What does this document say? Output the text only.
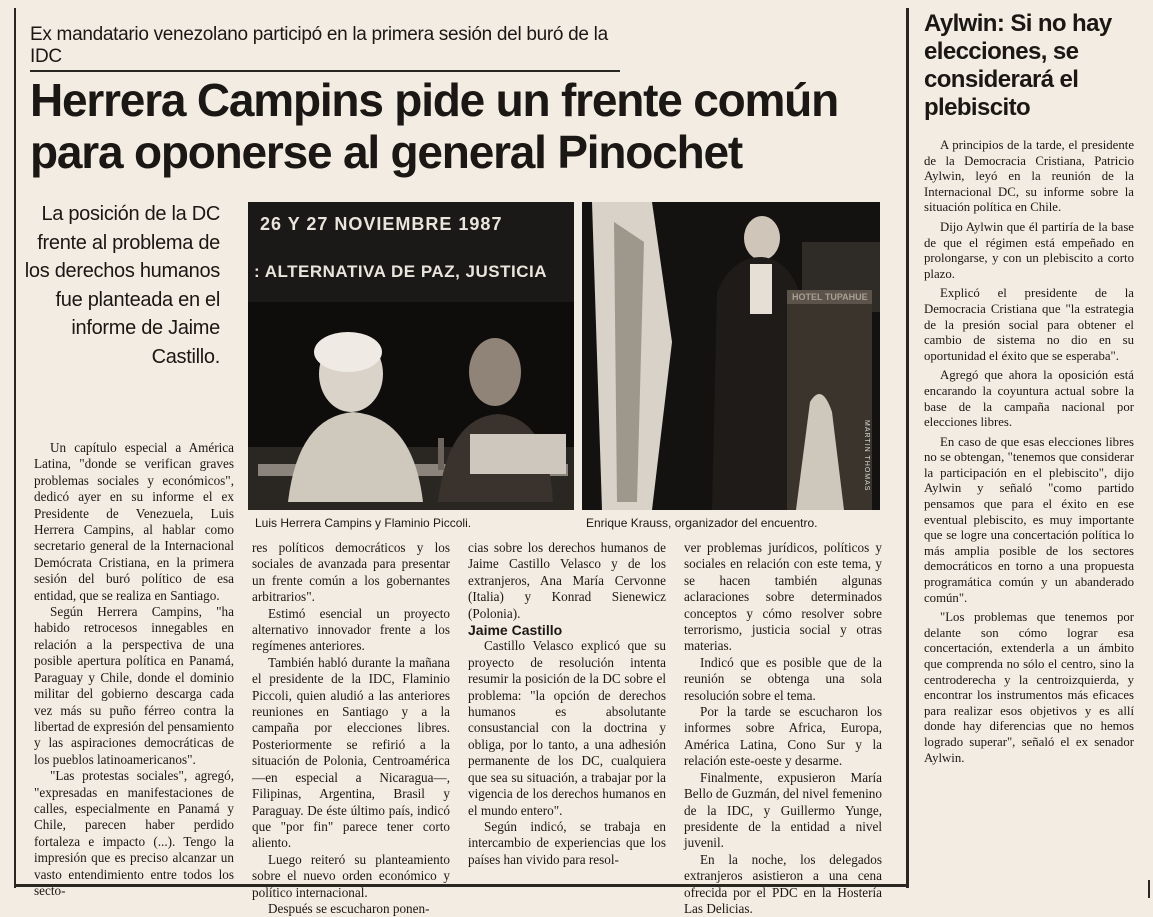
Ex mandatario venezolano participó en la primera sesión del buró de la IDC
Herrera Campins pide un frente común
para oponerse al general Pinochet
La posición de la DC frente al problema de los derechos humanos fue planteada en el informe de Jaime Castillo.
26 Y 27 NOVIEMBRE 1987
: ALTERNATIVA DE PAZ, JUSTICIA
HOTEL TUPAHUE
MARTIN THOMAS
Luis Herrera Campins y Flaminio Piccoli.	Enrique Krauss, organizador del encuentro.

Un capítulo especial a América Latina, "donde se verifican graves problemas sociales y económicos", dedicó ayer en su informe el ex Presidente de Venezuela, Luis Herrera Campins, al hablar como secretario general de la Internacional Demócrata Cristiana, en la primera sesión del buró político de esa entidad, que se realiza en Santiago.

Según Herrera Campins, "ha habido retrocesos innegables en relación a la perspectiva de una posible apertura política en Panamá, Paraguay y Chile, donde el dominio militar del gobierno descarga cada vez más su puño férreo contra la libertad de expresión del pensamiento y las aspiraciones democráticas de los pueblos latinoamericanos".

"Las protestas sociales", agregó, "expresadas en manifestaciones de calles, especialmente en Panamá y Chile, parecen haber perdido fortaleza e impacto (...). Tengo la impresión que es preciso alcanzar un vasto entendimiento entre todos los secto-

res políticos democráticos y los sociales de avanzada para presentar un frente común a los gobernantes arbitrarios".

Estimó esencial un proyecto alternativo innovador frente a los regímenes anteriores.

También habló durante la mañana el presidente de la IDC, Flaminio Piccoli, quien aludió a las anteriores reuniones en Santiago y a la campaña por elecciones libres. Posteriormente se refirió a la situación de Polonia, Centroamérica —en especial a Nicaragua—, Filipinas, Argentina, Brasil y Paraguay. De éste último país, indicó que "por fin" parece tener corto aliento.

Luego reiteró su planteamiento sobre el nuevo orden económico y político internacional.

Después se escucharon ponen-

cias sobre los derechos humanos de Jaime Castillo Velasco y de los extranjeros, Ana María Cervonne (Italia) y Konrad Sienewicz (Polonia).

Jaime Castillo

Castillo Velasco explicó que su proyecto de resolución intenta resumir la posición de la DC sobre el problema: "la opción de derechos humanos es absolutante consustancial con la doctrina y obliga, por lo tanto, a una adhesión permanente de los DC, cualquiera que sea su situación, a trabajar por la vigencia de los derechos humanos en el mundo entero".

Según indicó, se trabaja en intercambio de experiencias que los países han vivido para resol-

ver problemas jurídicos, políticos y sociales en relación con este tema, y se hacen también algunas aclaraciones sobre determinados conceptos y cómo resolver sobre terrorismo, justicia social y otras materias.

Indicó que es posible que de la reunión se obtenga una sola resolución sobre el tema.

Por la tarde se escucharon los informes sobre Africa, Europa, América Latina, Cono Sur y la relación este-oeste y desarme.

Finalmente, expusieron María Bello de Guzmán, del nivel femenino de la IDC, y Guillermo Yunge, presidente de la entidad a nivel juvenil.

En la noche, los delegados extranjeros asistieron a una cena ofrecida por el PDC en la Hostería Las Delicias.

Aylwin: Si no hay elecciones, se considerará el plebiscito

A principios de la tarde, el presidente de la Democracia Cristiana, Patricio Aylwin, leyó en la reunión de la Internacional DC, su informe sobre la situación política en Chile.

Dijo Aylwin que él partiría de la base de que el régimen está empeñado en prolongarse, y con un plebiscito a corto plazo.

Explicó el presidente de la Democracia Cristiana que "la estrategia de la presión social para obtener el cambio de sistema no dio en su oportunidad el éxito que se esperaba".

Agregó que ahora la oposición está encarando la coyuntura actual sobre la base de la campaña nacional por elecciones libres.

En caso de que esas elecciones libres no se obtengan, "tenemos que considerar la participación en el plebiscito", dijo Aylwin y señaló "como partido pensamos que para el éxito en ese eventual plebiscito, es muy importante que se logre una concertación política lo más amplia posible de los sectores democráticos en torno a una propuesta programática común y un abanderado común".

"Los problemas que tenemos por delante son cómo lograr esa concertación, extenderla a un ámbito que comprenda no sólo el centro, sino la centroderecha y la centroizquierda, y encontrar los instrumentos más eficaces para realizar esos objetivos y es allí donde hay diferencias que no hemos logrado superar", señaló el ex senador Aylwin.
